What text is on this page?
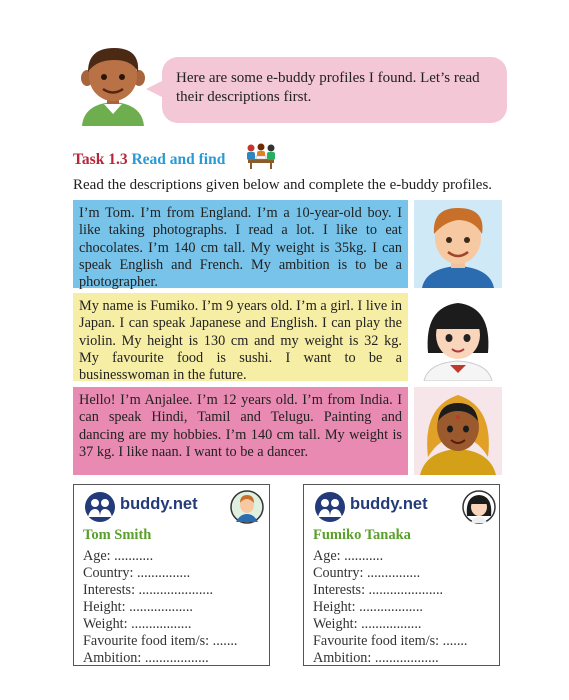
Here are some e-buddy profiles I found. Let’s read their descriptions first.
Task 1.3 Read and find
Read the descriptions given below and complete the e-buddy profiles.
I’m Tom. I’m from England. I’m a 10-year-old boy. I like taking photographs. I read a lot. I like to eat chocolates. I’m 140 cm tall. My weight is 35kg. I can speak English and French. My ambition is to be a photographer.
My name is Fumiko. I’m 9 years old. I’m a girl. I live in Japan. I can speak Japanese and English. I can play the violin. My height is 130 cm and my weight is 32 kg. My favourite food is sushi. I want to be a businesswoman in the future.
Hello! I’m Anjalee. I’m 12 years old. I’m from India. I can speak Hindi, Tamil and Telugu. Painting and dancing are my hobbies. I’m 140 cm tall. My weight is 37 kg. I like naan. I want to be a dancer.
buddy.net
Tom Smith
Age: ...........
Country: ...............
Interests: .....................
Height: ..................
Weight: .................
Favourite food item/s: .......
Ambition: ..................
buddy.net
Fumiko Tanaka
Age: ...........
Country: ...............
Interests: .....................
Height: ..................
Weight: .................
Favourite food item/s: .......
Ambition: ..................
